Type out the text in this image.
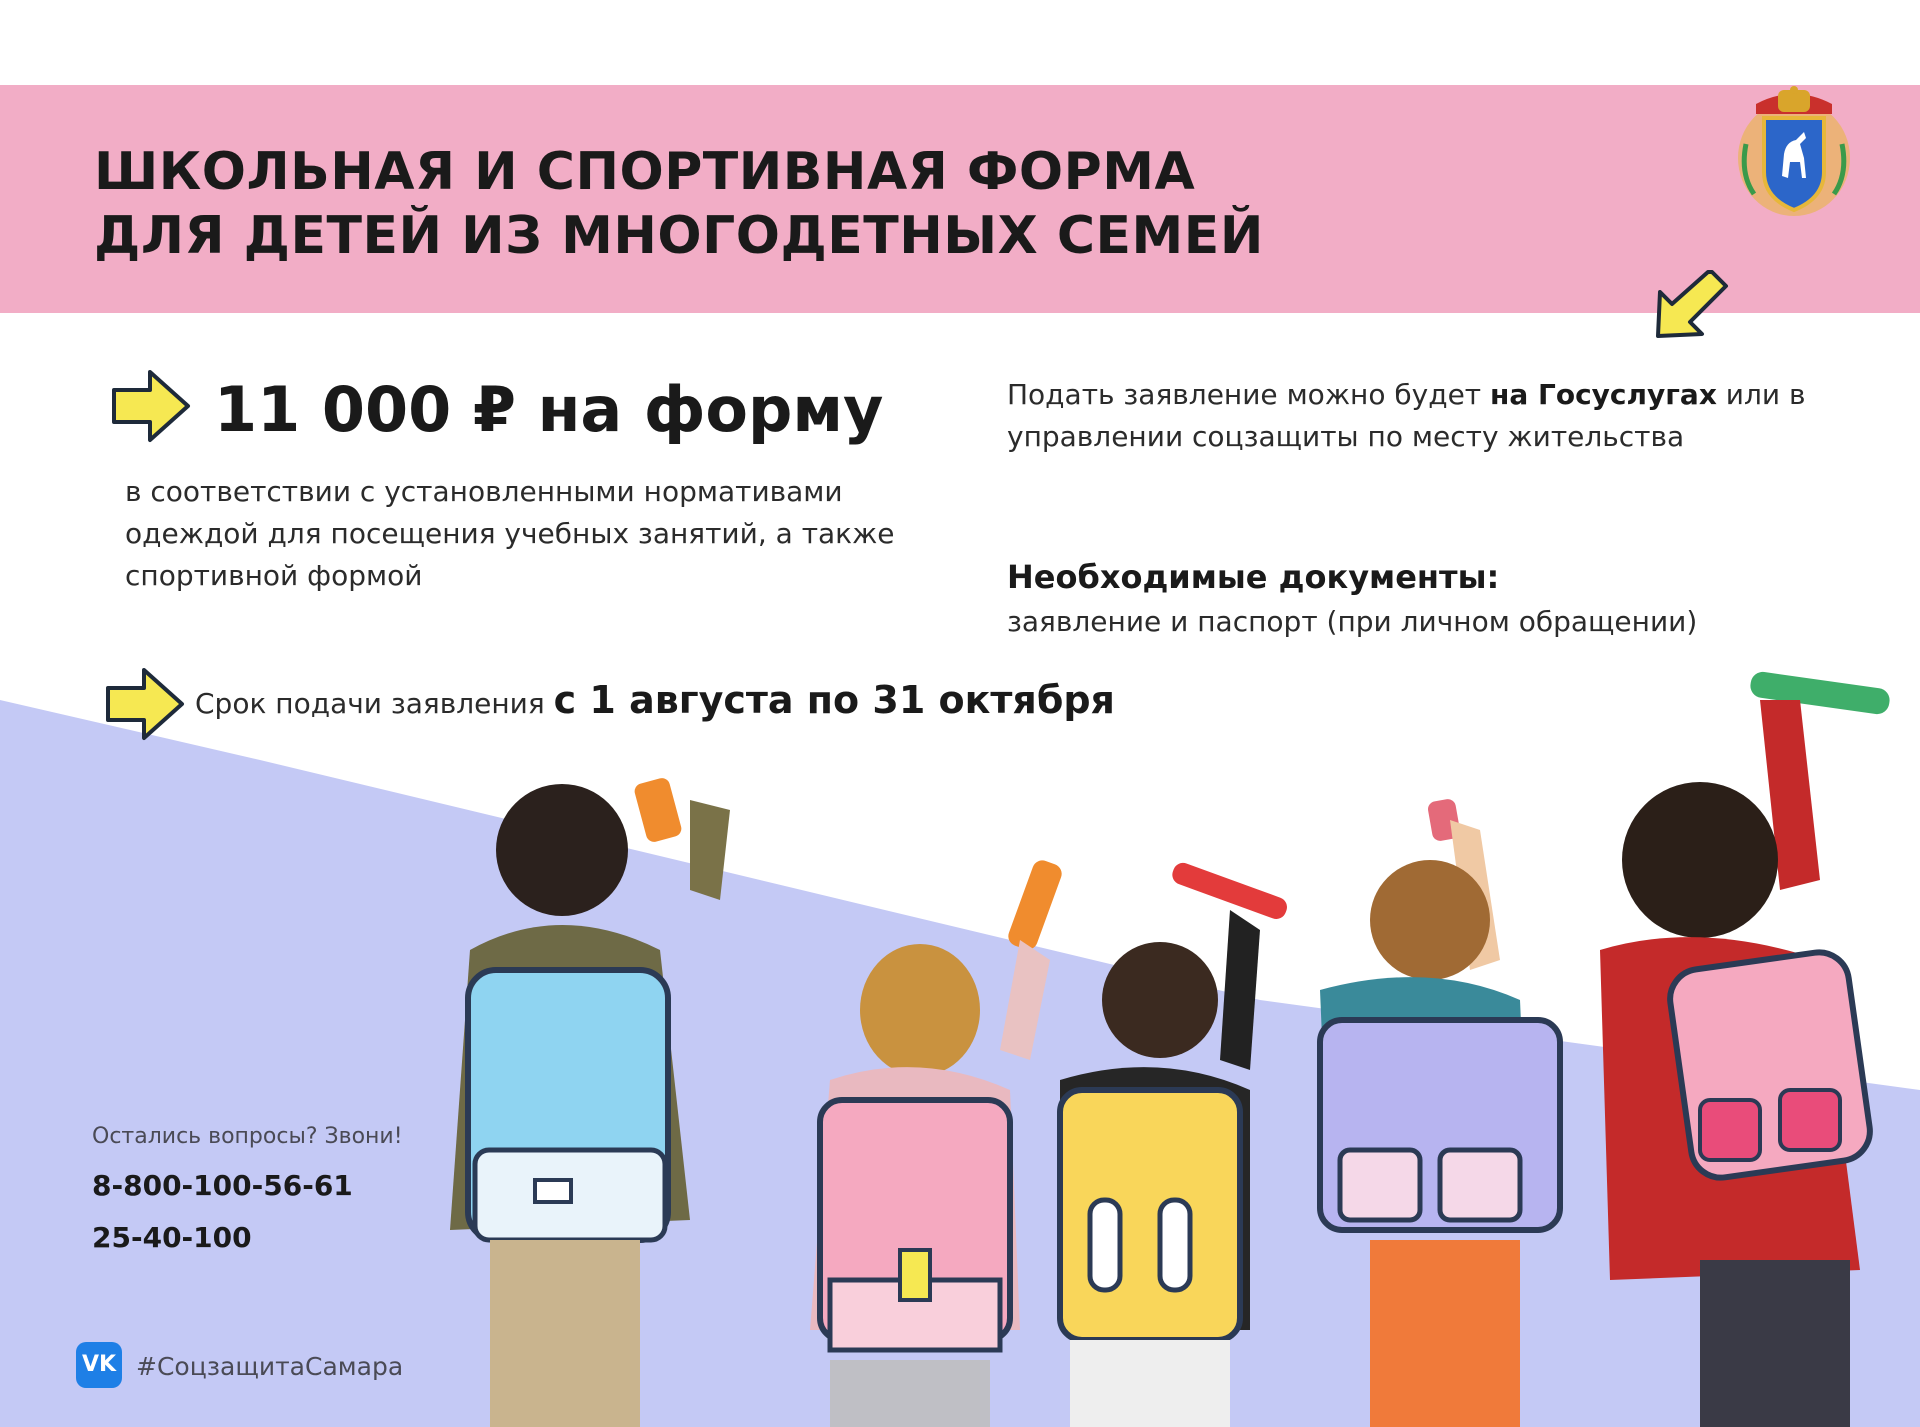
ШКОЛЬНАЯ И СПОРТИВНАЯ ФОРМА
ДЛЯ ДЕТЕЙ ИЗ МНОГОДЕТНЫХ СЕМЕЙ
11 000 ₽ на форму
в соответствии с установленными нормативами одеждой для посещения учебных занятий, а также спортивной формой
Подать заявление можно будет на Госуслугах или в управлении соцзащиты по месту жительства
Необходимые документы:
заявление и паспорт (при личном обращении)
Срок подачи заявления с 1 августа по 31 октября
Остались вопросы? Звони!
8-800-100-56-61
25-40-100
VK #СоцзащитаСамара
